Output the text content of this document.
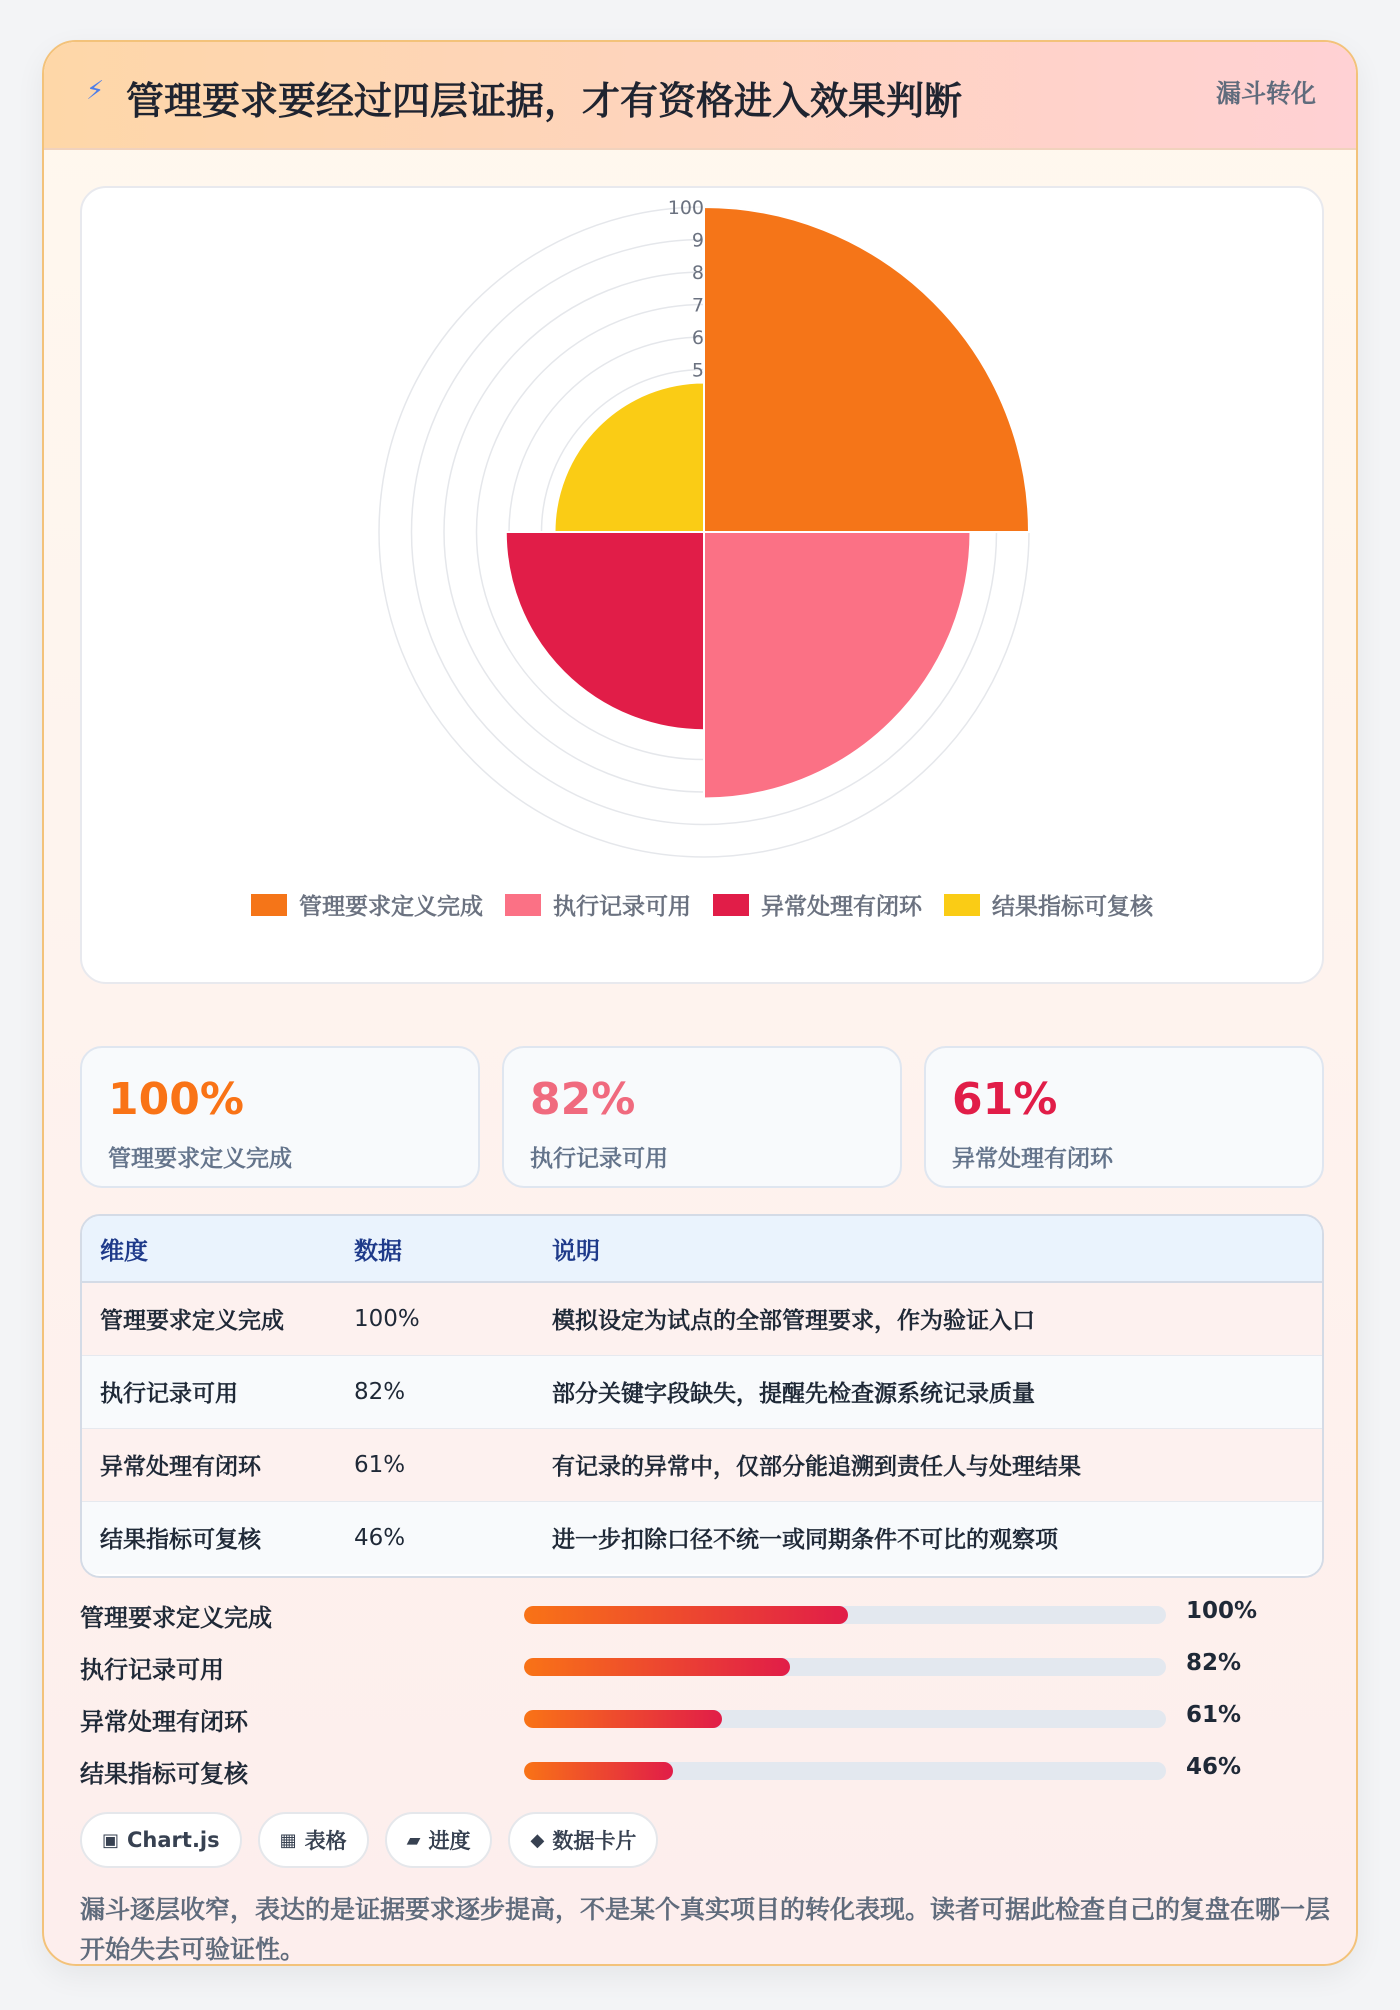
⚡ 管理要求要经过四层证据，才有资格进入效果判断	漏斗转化
100
9
8
7
6
5
管理要求定义完成	执行记录可用	异常处理有闭环	结果指标可复核
100%
管理要求定义完成
82%
执行记录可用
61%
异常处理有闭环
维度	数据	说明
管理要求定义完成	100%	模拟设定为试点的全部管理要求，作为验证入口
执行记录可用	82%	部分关键字段缺失，提醒先检查源系统记录质量
异常处理有闭环	61%	有记录的异常中，仅部分能追溯到责任人与处理结果
结果指标可复核	46%	进一步扣除口径不统一或同期条件不可比的观察项
管理要求定义完成	100%
执行记录可用	82%
异常处理有闭环	61%
结果指标可复核	46%
▣ Chart.js	▦ 表格	▰ 进度	◆ 数据卡片
漏斗逐层收窄，表达的是证据要求逐步提高，不是某个真实项目的转化表现。读者可据此检查自己的复盘在哪一层开始失去可验证性。
